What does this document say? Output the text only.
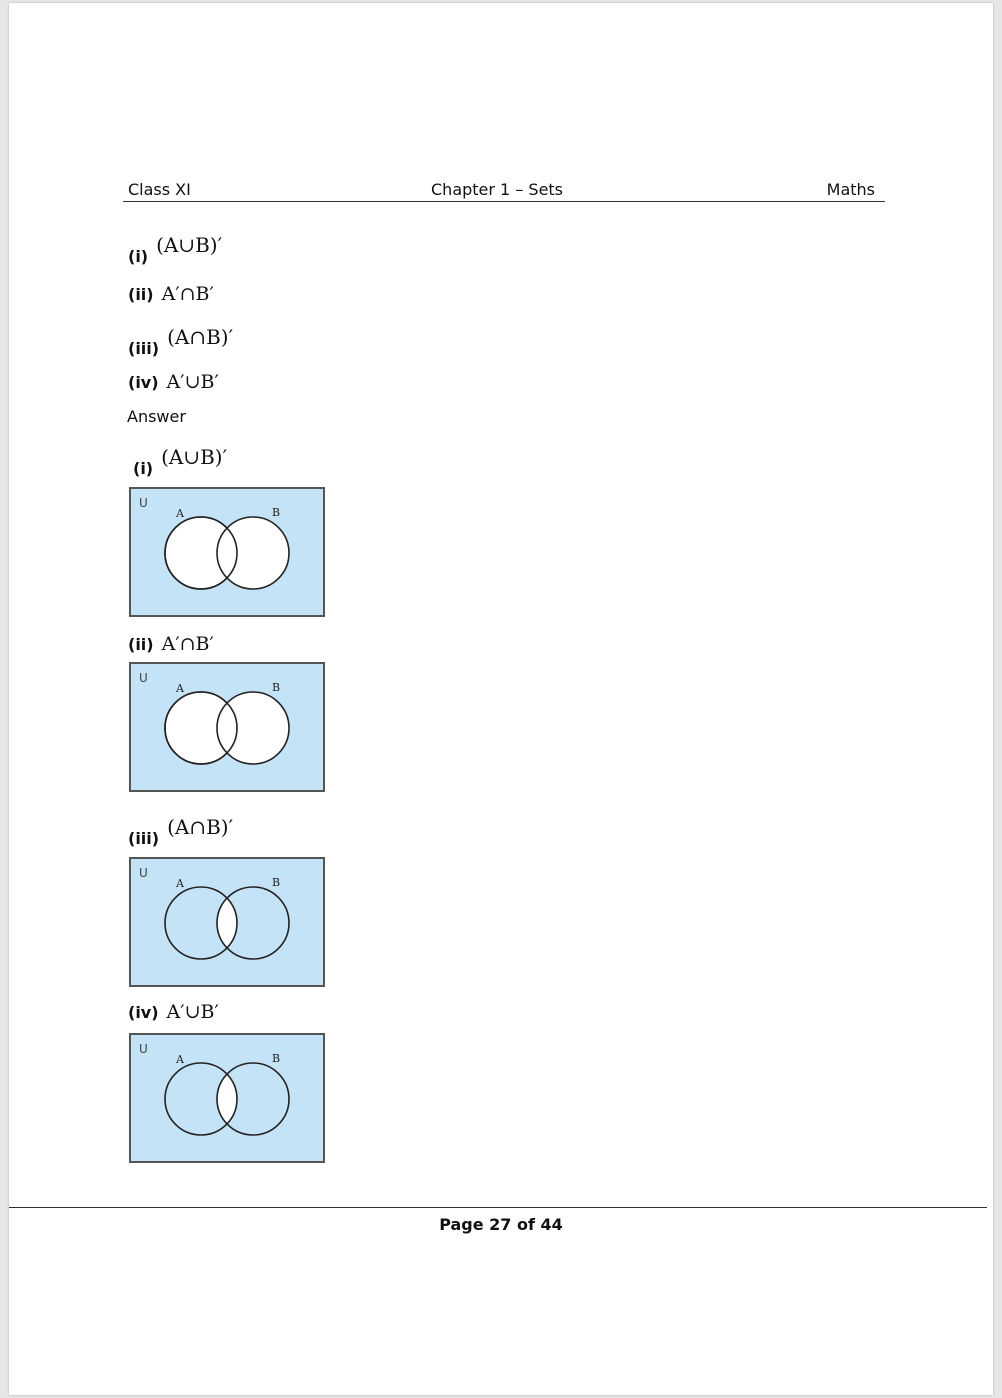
Class XI	Chapter 1 – Sets	Maths
(i) (A∪B)′
(ii) A′∩B′
(iii) (A∩B)′
(iv) A′∪B′
Answer
(i) (A∪B)′
U
A	B
(ii) A′∩B′
U
A	B
(iii) (A∩B)′
U
A	B
(iv) A′∪B′
U
A	B
Page 27 of 44
